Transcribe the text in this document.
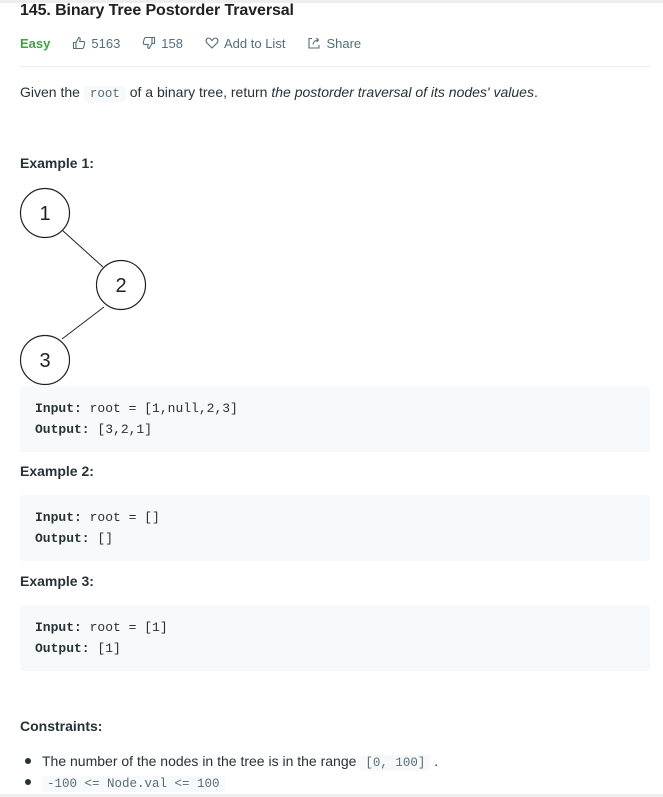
145. Binary Tree Postorder Traversal
Easy	5163	158	Add to List	Share
Given the root of a binary tree, return the postorder traversal of its nodes' values.
Example 1:
1
2
3
Input: root = [1,null,2,3]
Output: [3,2,1]
Example 2:
Input: root = []
Output: []
Example 3:
Input: root = [1]
Output: [1]
Constraints:
The number of the nodes in the tree is in the range [0, 100] .
-100 <= Node.val <= 100
